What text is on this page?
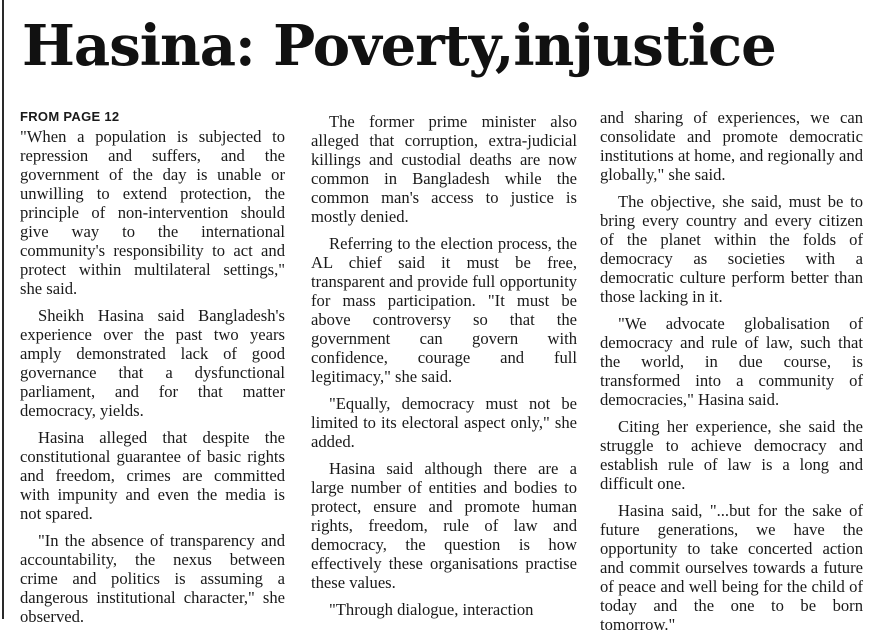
Hasina: Poverty,injustice
FROM PAGE 12

"When a population is subjected to repression and suffers, and the government of the day is unable or unwilling to extend protection, the principle of non-intervention should give way to the international community's responsibility to act and protect within multilateral settings," she said.

Sheikh Hasina said Bangladesh's experience over the past two years amply demonstrated lack of good governance that a dysfunctional parliament, and for that matter democracy, yields.

Hasina alleged that despite the constitutional guarantee of basic rights and freedom, crimes are committed with impunity and even the media is not spared.

"In the absence of transparency and accountability, the nexus between crime and politics is assuming a dangerous institutional character," she observed.

The former prime minister also alleged that corruption, extra-judicial killings and custodial deaths are now common in Bangladesh while the common man's access to justice is mostly denied.

Referring to the election process, the AL chief said it must be free, transparent and provide full opportunity for mass participation. "It must be above controversy so that the government can govern with confidence, courage and full legitimacy," she said.

"Equally, democracy must not be limited to its electoral aspect only," she added.

Hasina said although there are a large number of entities and bodies to protect, ensure and promote human rights, freedom, rule of law and democracy, the question is how effectively these organisations practise these values.

"Through dialogue, interaction

and sharing of experiences, we can consolidate and promote democratic institutions at home, and regionally and globally," she said.

The objective, she said, must be to bring every country and every citizen of the planet within the folds of democracy as societies with a democratic culture perform better than those lacking in it.

"We advocate globalisation of democracy and rule of law, such that the world, in due course, is transformed into a community of democracies," Hasina said.

Citing her experience, she said the struggle to achieve democracy and establish rule of law is a long and difficult one.

Hasina said, "...but for the sake of future generations, we have the opportunity to take concerted action and commit ourselves towards a future of peace and well being for the child of today and the one to be born tomorrow."
